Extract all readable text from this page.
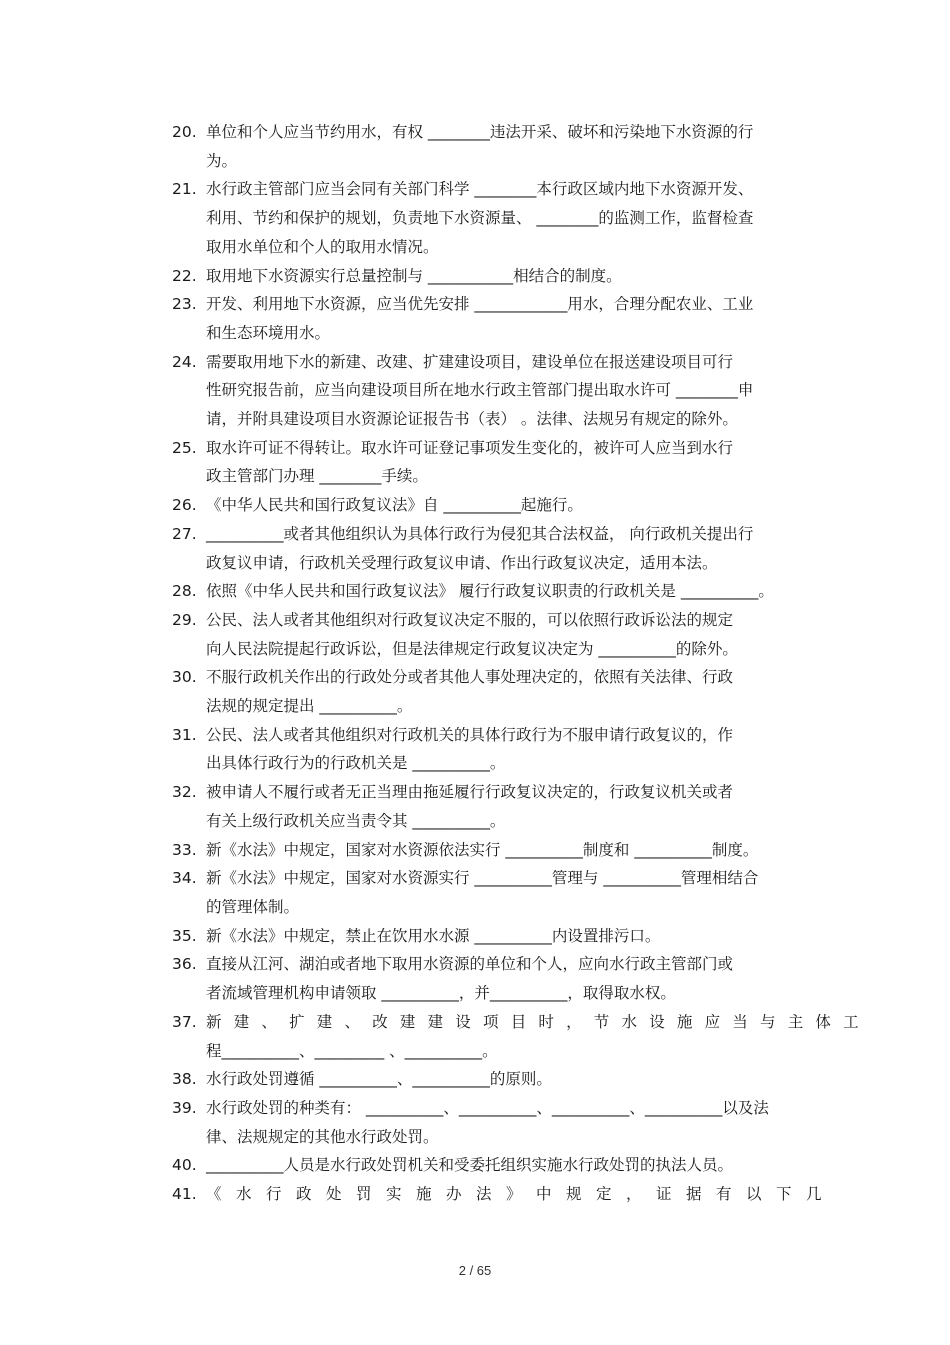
20. 单位和个人应当节约用水，有权 ________违法开采、破坏和污染地下水资源的行
为。
21. 水行政主管部门应当会同有关部门科学 ________本行政区域内地下水资源开发、
利用、节约和保护的规划，负责地下水资源量、 ________的监测工作，监督检查
取用水单位和个人的取用水情况。
22. 取用地下水资源实行总量控制与 ___________相结合的制度。
23. 开发、利用地下水资源，应当优先安排 ____________用水，合理分配农业、工业
和生态环境用水。
24. 需要取用地下水的新建、改建、扩建建设项目，建设单位在报送建设项目可行
性研究报告前，应当向建设项目所在地水行政主管部门提出取水许可 ________申
请，并附具建设项目水资源论证报告书（表） 。法律、法规另有规定的除外。
25. 取水许可证不得转让。取水许可证登记事项发生变化的，被许可人应当到水行
政主管部门办理 ________手续。
26. 《中华人民共和国行政复议法》自 __________起施行。
27. __________或者其他组织认为具体行政行为侵犯其合法权益， 向行政机关提出行
政复议申请，行政机关受理行政复议申请、作出行政复议决定，适用本法。
28. 依照《中华人民共和国行政复议法》 履行行政复议职责的行政机关是 __________。
29. 公民、法人或者其他组织对行政复议决定不服的，可以依照行政诉讼法的规定
向人民法院提起行政诉讼，但是法律规定行政复议决定为 __________的除外。
30. 不服行政机关作出的行政处分或者其他人事处理决定的，依照有关法律、行政
法规的规定提出 __________。
31. 公民、法人或者其他组织对行政机关的具体行政行为不服申请行政复议的，作
出具体行政行为的行政机关是 __________。
32. 被申请人不履行或者无正当理由拖延履行行政复议决定的，行政复议机关或者
有关上级行政机关应当责令其 __________。
33. 新《水法》中规定，国家对水资源依法实行 __________制度和 __________制度。
34. 新《水法》中规定，国家对水资源实行 __________管理与 __________管理相结合
的管理体制。
35. 新《水法》中规定，禁止在饮用水水源 __________内设置排污口。
36. 直接从江河、湖泊或者地下取用水资源的单位和个人，应向水行政主管部门或
者流域管理机构申请领取 __________，并__________，取得取水权。
37. 新建、扩建、改建建设项目时，节水设施应当与主体工
程__________、_________ 、__________。
38. 水行政处罚遵循 __________、__________的原则。
39. 水行政处罚的种类有： __________、__________、__________、__________以及法
律、法规规定的其他水行政处罚。
40. __________人员是水行政处罚机关和受委托组织实施水行政处罚的执法人员。
41. 《水行政处罚实施办法》中规定，证据有以下几
2 / 65
